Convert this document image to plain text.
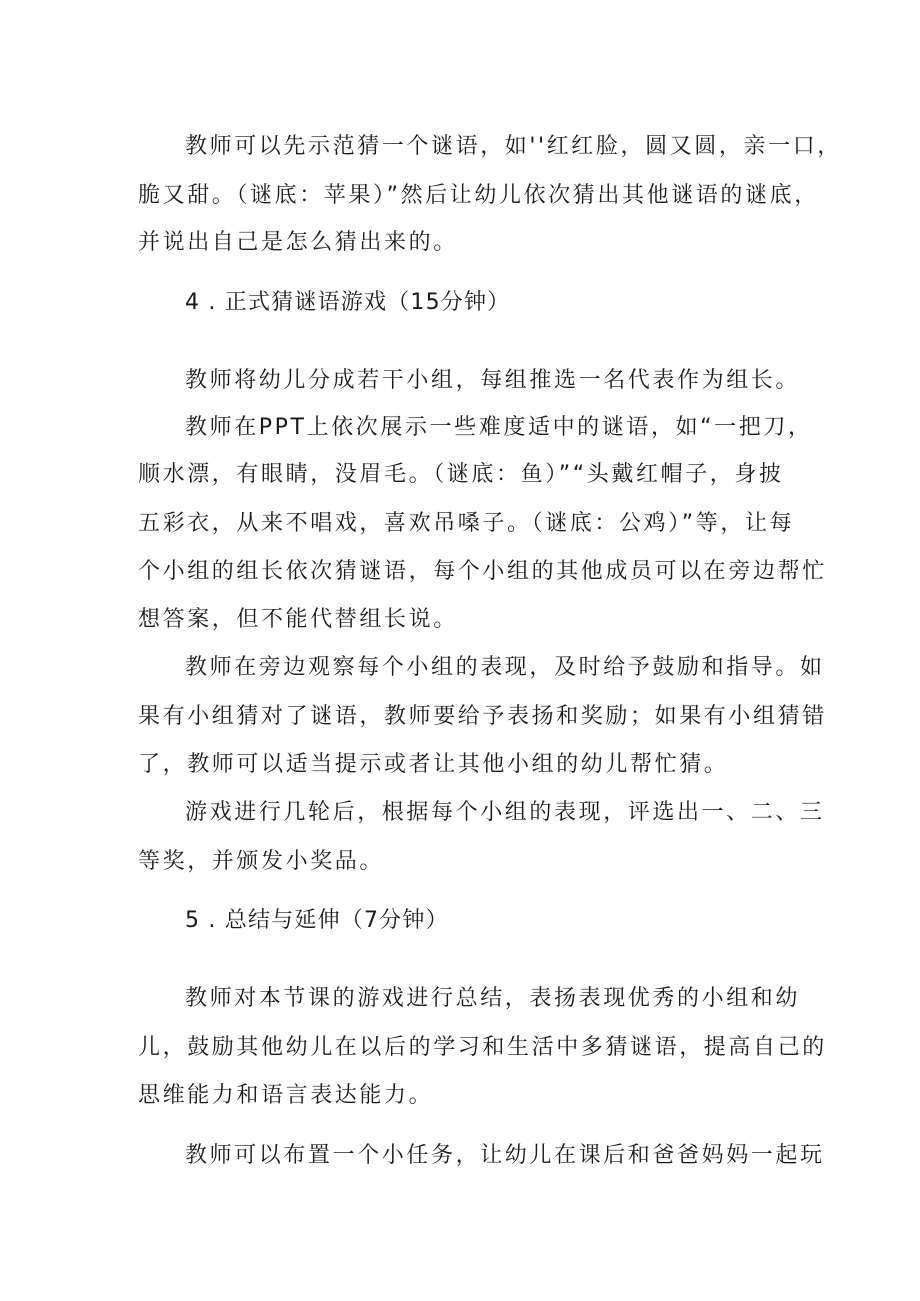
教师可以先示范猜一个谜语，如''红红脸，圆又圆，亲一口，
脆又甜。（谜底：苹果）”然后让幼儿依次猜出其他谜语的谜底，
并说出自己是怎么猜出来的。
4 . 正式猜谜语游戏（15分钟）
教师将幼儿分成若干小组，每组推选一名代表作为组长。
教师在PPT上依次展示一些难度适中的谜语，如“一把刀，
顺水漂，有眼睛，没眉毛。（谜底：鱼）”“头戴红帽子，身披
五彩衣，从来不唱戏，喜欢吊嗓子。（谜底：公鸡）”等，让每
个小组的组长依次猜谜语，每个小组的其他成员可以在旁边帮忙
想答案，但不能代替组长说。
教师在旁边观察每个小组的表现，及时给予鼓励和指导。如
果有小组猜对了谜语，教师要给予表扬和奖励；如果有小组猜错
了，教师可以适当提示或者让其他小组的幼儿帮忙猜。
游戏进行几轮后，根据每个小组的表现，评选出一、二、三
等奖，并颁发小奖品。
5 . 总结与延伸（7分钟）
教师对本节课的游戏进行总结，表扬表现优秀的小组和幼
儿，鼓励其他幼儿在以后的学习和生活中多猜谜语，提高自己的
思维能力和语言表达能力。
教师可以布置一个小任务，让幼儿在课后和爸爸妈妈一起玩
